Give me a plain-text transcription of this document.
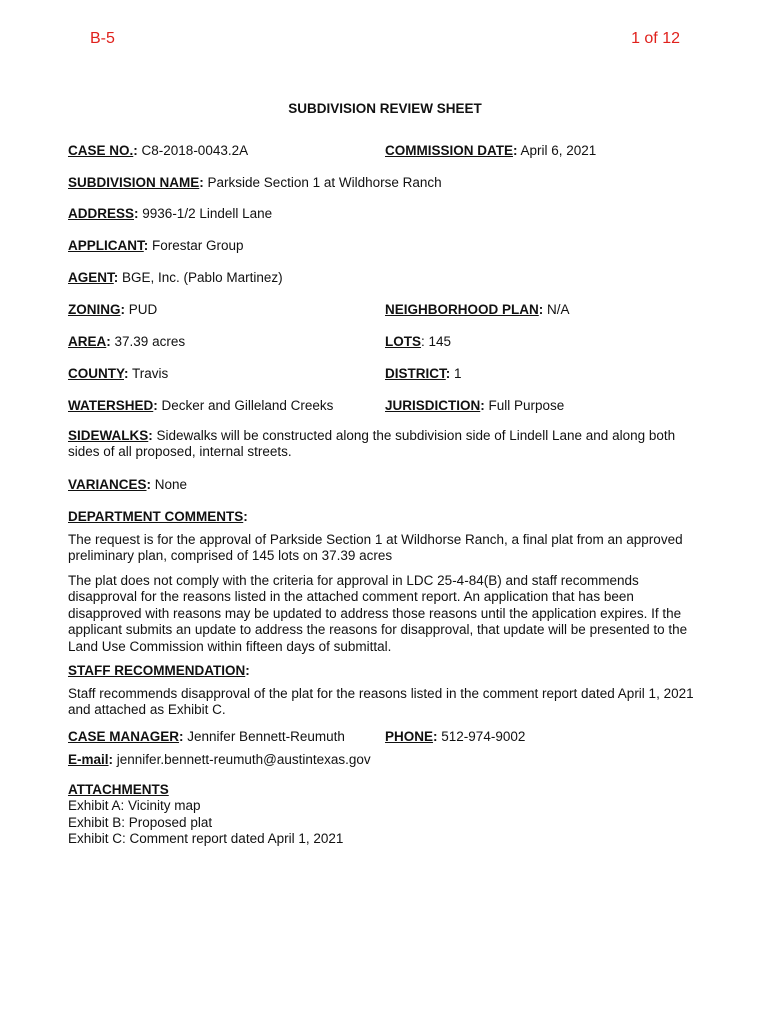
B-5	1 of 12
SUBDIVISION REVIEW SHEET
CASE NO.: C8-2018-0043.2A	COMMISSION DATE: April 6, 2021
SUBDIVISION NAME: Parkside Section 1 at Wildhorse Ranch
ADDRESS: 9936-1/2 Lindell Lane
APPLICANT: Forestar Group
AGENT: BGE, Inc. (Pablo Martinez)
ZONING: PUD	NEIGHBORHOOD PLAN: N/A
AREA: 37.39 acres	LOTS: 145
COUNTY: Travis	DISTRICT: 1
WATERSHED: Decker and Gilleland Creeks	JURISDICTION: Full Purpose
SIDEWALKS: Sidewalks will be constructed along the subdivision side of Lindell Lane and along both sides of all proposed, internal streets.
VARIANCES: None
DEPARTMENT COMMENTS:
The request is for the approval of Parkside Section 1 at Wildhorse Ranch, a final plat from an approved preliminary plan, comprised of 145 lots on 37.39 acres
The plat does not comply with the criteria for approval in LDC 25-4-84(B) and staff recommends disapproval for the reasons listed in the attached comment report. An application that has been disapproved with reasons may be updated to address those reasons until the application expires. If the applicant submits an update to address the reasons for disapproval, that update will be presented to the Land Use Commission within fifteen days of submittal.
STAFF RECOMMENDATION:
Staff recommends disapproval of the plat for the reasons listed in the comment report dated April 1, 2021 and attached as Exhibit C.
CASE MANAGER: Jennifer Bennett-Reumuth	PHONE: 512-974-9002
E-mail: jennifer.bennett-reumuth@austintexas.gov
ATTACHMENTS
Exhibit A: Vicinity map
Exhibit B: Proposed plat
Exhibit C: Comment report dated April 1, 2021
